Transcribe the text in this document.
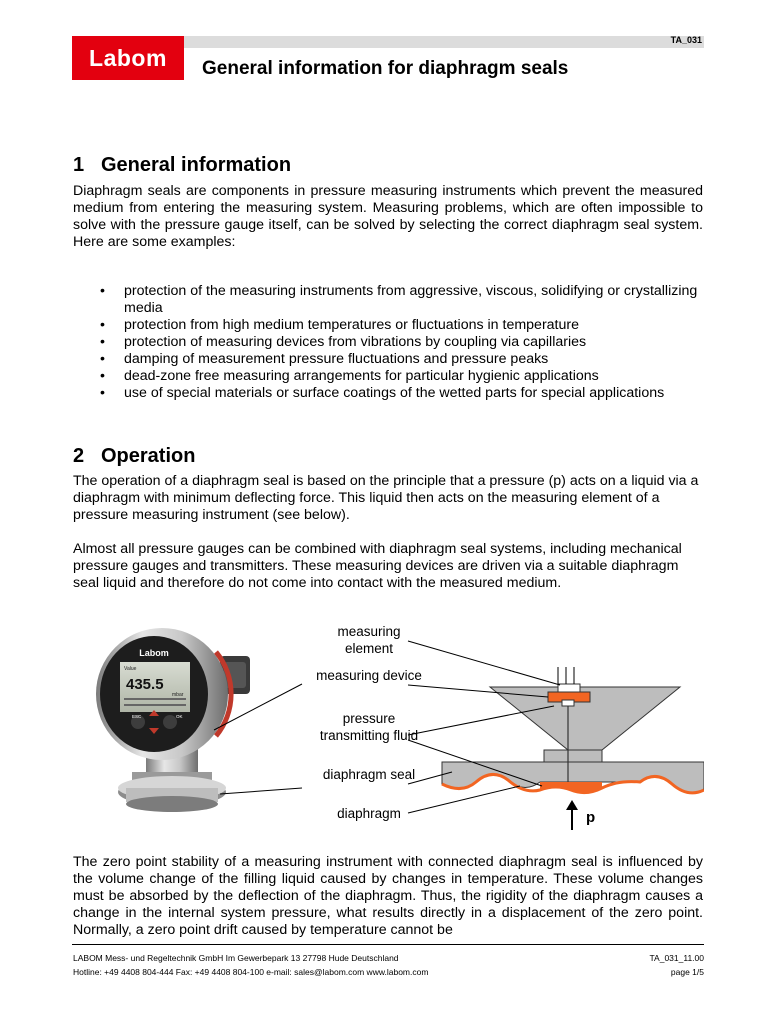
Labom
TA_031
General information for diaphragm seals
1 General information
Diaphragm seals are components in pressure measuring instruments which prevent the measured medium from entering the measuring system. Measuring problems, which are often impossible to solve with the pressure gauge itself, can be solved by selecting the correct diaphragm seal system. Here are some examples:
• protection of the measuring instruments from aggressive, viscous, solidifying or crystallizing media
• protection from high medium temperatures or fluctuations in temperature
• protection of measuring devices from vibrations by coupling via capillaries
• damping of measurement pressure fluctuations and pressure peaks
• dead-zone free measuring arrangements for particular hygienic applications
• use of special materials or surface coatings of the wetted parts for special applications
2 Operation
The operation of a diaphragm seal is based on the principle that a pressure (p) acts on a liquid via a diaphragm with minimum deflecting force. This liquid then acts on the measuring element of a pressure measuring instrument (see below).
Almost all pressure gauges can be combined with diaphragm seal systems, including mechanical pressure gauges and transmitters. These measuring devices are driven via a suitable diaphragm seal liquid and therefore do not come into contact with the measured medium.
Labom
Value
435.5
mbar
ESC	OK
p
measuring element
measuring device
pressure transmitting fluid
diaphragm seal
diaphragm
The zero point stability of a measuring instrument with connected diaphragm seal is influenced by the volume change of the filling liquid caused by changes in temperature. These volume changes must be absorbed by the deflection of the diaphragm. Thus, the rigidity of the diaphragm causes a change in the internal system pressure, what results directly in a displacement of the zero point. Normally, a zero point drift caused by temperature cannot be
LABOM Mess- und Regeltechnik GmbH Im Gewerbepark 13 27798 Hude Deutschland
Hotline: +49 4408 804-444 Fax: +49 4408 804-100 e-mail: sales@labom.com www.labom.com
TA_031_11.00
page 1/5
